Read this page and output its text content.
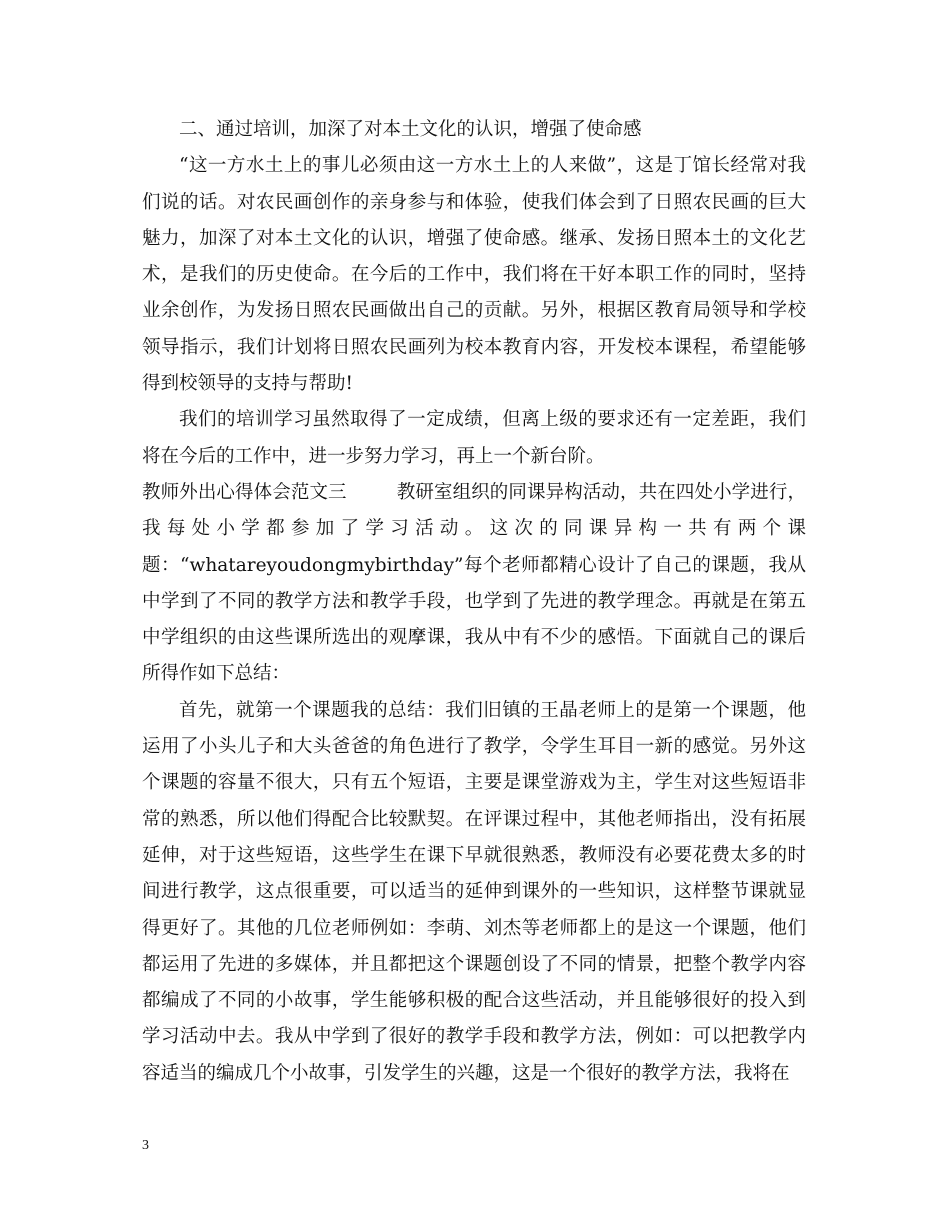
二、通过培训，加深了对本土文化的认识，增强了使命感

“这一方水土上的事儿必须由这一方水土上的人来做”，这是丁馆长经常对我们说的话。对农民画创作的亲身参与和体验，使我们体会到了日照农民画的巨大魅力，加深了对本土文化的认识，增强了使命感。继承、发扬日照本土的文化艺术，是我们的历史使命。在今后的工作中，我们将在干好本职工作的同时，坚持业余创作，为发扬日照农民画做出自己的贡献。另外，根据区教育局领导和学校领导指示，我们计划将日照农民画列为校本教育内容，开发校本课程，希望能够得到校领导的支持与帮助!

我们的培训学习虽然取得了一定成绩，但离上级的要求还有一定差距，我们将在今后的工作中，进一步努力学习，再上一个新台阶。

教师外出心得体会范文三	教研室组织的同课异构活动，共在四处小学进行，我每处小学都参加了学习活动。这次的同课异构一共有两个课题：“whatareyoudongmybirthday”每个老师都精心设计了自己的课题，我从中学到了不同的教学方法和教学手段，也学到了先进的教学理念。再就是在第五中学组织的由这些课所选出的观摩课，我从中有不少的感悟。下面就自己的课后所得作如下总结：

首先，就第一个课题我的总结：我们旧镇的王晶老师上的是第一个课题，他运用了小头儿子和大头爸爸的角色进行了教学，令学生耳目一新的感觉。另外这个课题的容量不很大，只有五个短语，主要是课堂游戏为主，学生对这些短语非常的熟悉，所以他们得配合比较默契。在评课过程中，其他老师指出，没有拓展延伸，对于这些短语，这些学生在课下早就很熟悉，教师没有必要花费太多的时间进行教学，这点很重要，可以适当的延伸到课外的一些知识，这样整节课就显得更好了。其他的几位老师例如：李萌、刘杰等老师都上的是这一个课题，他们都运用了先进的多媒体，并且都把这个课题创设了不同的情景，把整个教学内容都编成了不同的小故事，学生能够积极的配合这些活动，并且能够很好的投入到学习活动中去。我从中学到了很好的教学手段和教学方法，例如：可以把教学内容适当的编成几个小故事，引发学生的兴趣，这是一个很好的教学方法，我将在

3
